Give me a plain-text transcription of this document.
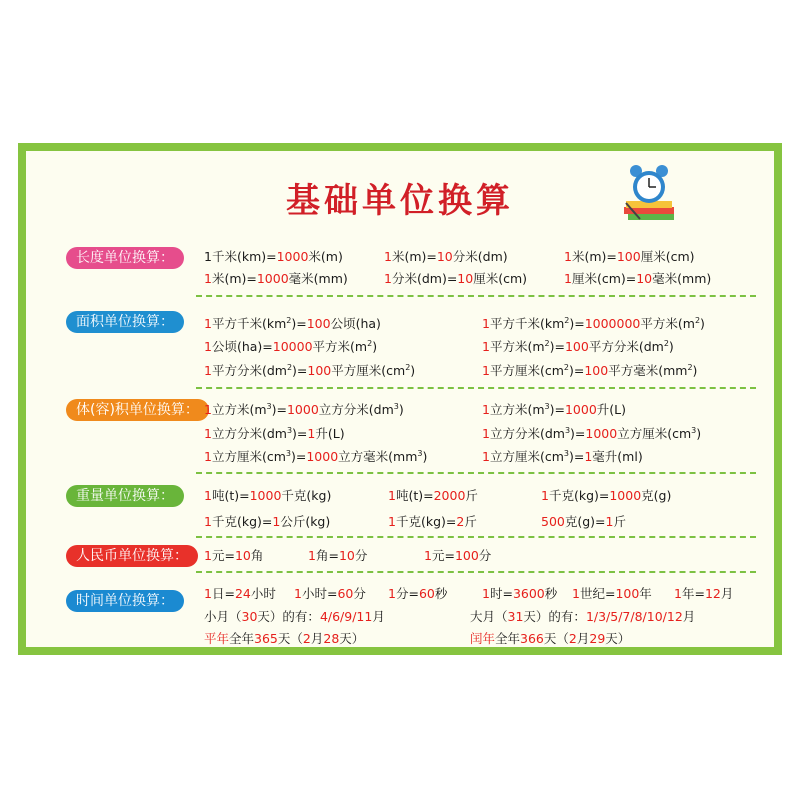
基础单位换算
长度单位换算：	1千米(km)=1000米(m)	1米(m)=10分米(dm)	1米(m)=100厘米(cm)
1米(m)=1000毫米(mm)	1分米(dm)=10厘米(cm)	1厘米(cm)=10毫米(mm)
面积单位换算：	1平方千米$(km^2)=100$公顷(ha)	1平方千米$(km^2)=1000000$平方米$(m^2)$
1公顷(ha)=10000平方米$(m^2)$	1平方米$(m^2)=100$平方分米$(dm^2)$
1平方分米$(dm^2)=100$平方厘米$(cm^2)$	1平方厘米$(cm^2)=100$平方毫米$(mm^2)$
体(容)积单位换算： 1立方米$(m^3)=1000$立方分米$(dm^3)$	1立方米$(m^3)=1000$升(L)
1立方分米$(dm^3)=1$升(L)	1立方分米$(dm^3)=1000$立方厘米$(cm^3)$
1立方厘米$(cm^3)=1000$立方毫米$(mm^3)$	1立方厘米$(cm^3)=1$毫升(ml)
重量单位换算：	1吨(t)=1000千克(kg)	1吨(t)=2000斤	1千克(kg)=1000克(g)
1千克(kg)=1公斤(kg)	1千克(kg)=2斤	500克(g)=1斤
人民币单位换算：	1元=10角	1角=10分	1元=100分
时间单位换算：	1日=24小时 1小时=60分 1分=60秒	1时=3600秒 1世纪=100年 1年=12月
小月（30天）的有：4/6/9/11月	大月（31天）的有：1/3/5/7/8/10/12月
平年全年365天（2月28天）	闰年全年366天（2月29天）
